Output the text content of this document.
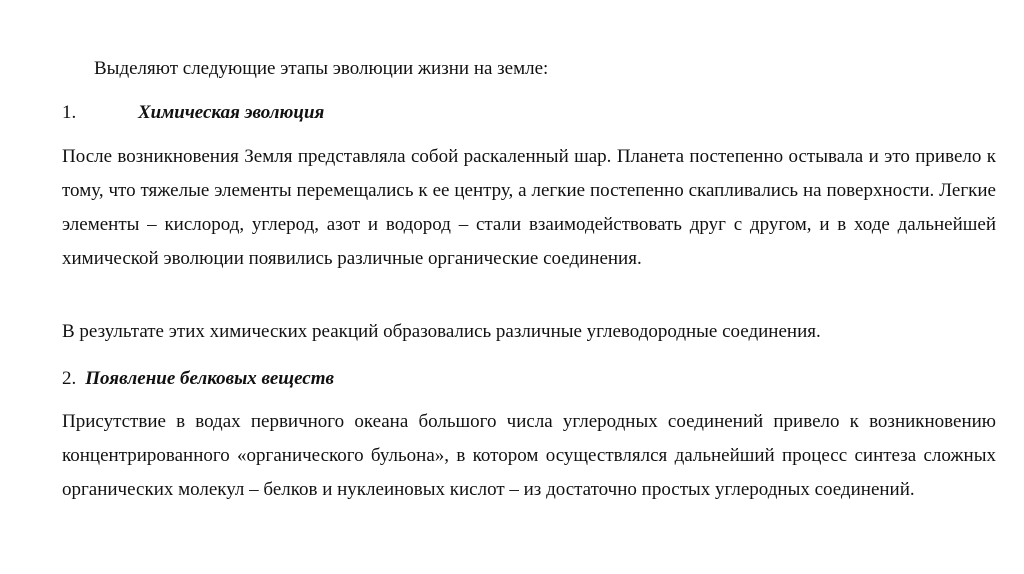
Выделяют следующие этапы эволюции жизни на земле:
1.	Химическая эволюция
После возникновения Земля представляла собой раскаленный шар. Планета постепенно остывала и это привело к тому, что тяжелые элементы перемещались к ее центру, а легкие постепенно скапливались на поверхности. Легкие элементы – кислород, углерод, азот и водород – стали взаимодействовать друг с другом, и в ходе дальнейшей химической эволюции появились различные органические соединения.
В результате этих химических реакций образовались различные углеводородные соединения.
2. Появление белковых веществ
Присутствие в водах первичного океана большого числа углеродных соединений привело к возникновению концентрированного «органического бульона», в котором осуществлялся дальнейший процесс синтеза сложных органических молекул – белков и нуклеиновых кислот – из достаточно простых углеродных соединений.
